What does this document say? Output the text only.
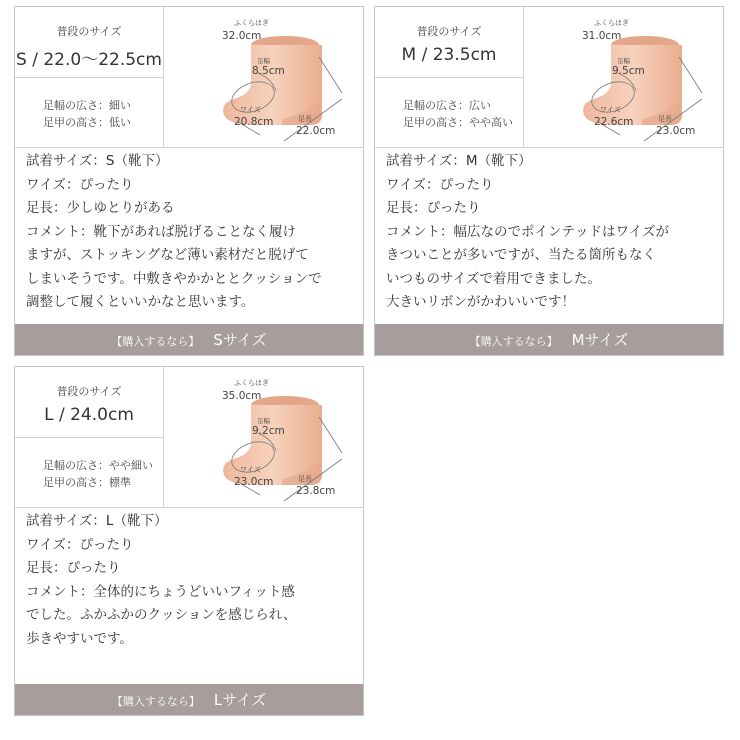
普段のサイズ
S / 22.0〜22.5cm
足幅の広さ：細い
足甲の高さ：低い
ふくらはぎ
32.0cm
足幅
8.5cm
ワイズ
20.8cm	足長
22.0cm
試着サイズ：S（靴下）
ワイズ：ぴったり
足長：少しゆとりがある
コメント：靴下があれば脱げることなく履け
ますが、ストッキングなど薄い素材だと脱げて
しまいそうです。中敷きやかかととクッションで
調整して履くといいかなと思います。
【購入するなら】 Sサイズ
普段のサイズ
M / 23.5cm
足幅の広さ：広い
足甲の高さ：やや高い
ふくらはぎ
31.0cm
足幅
9.5cm
ワイズ
22.6cm	足長
23.0cm
試着サイズ：M（靴下）
ワイズ：ぴったり
足長：ぴったり
コメント：幅広なのでポインテッドはワイズが
きついことが多いですが、当たる箇所もなく
いつものサイズで着用できました。
大きいリボンがかわいいです！
【購入するなら】 Mサイズ
普段のサイズ
L / 24.0cm
足幅の広さ：やや細い
足甲の高さ：標準
ふくらはぎ
35.0cm
足幅
9.2cm
ワイズ
23.0cm	足長
23.8cm
試着サイズ：L（靴下）
ワイズ：ぴったり
足長：ぴったり
コメント：全体的にちょうどいいフィット感
でした。ふかふかのクッションを感じられ、
歩きやすいです。
【購入するなら】 Lサイズ
